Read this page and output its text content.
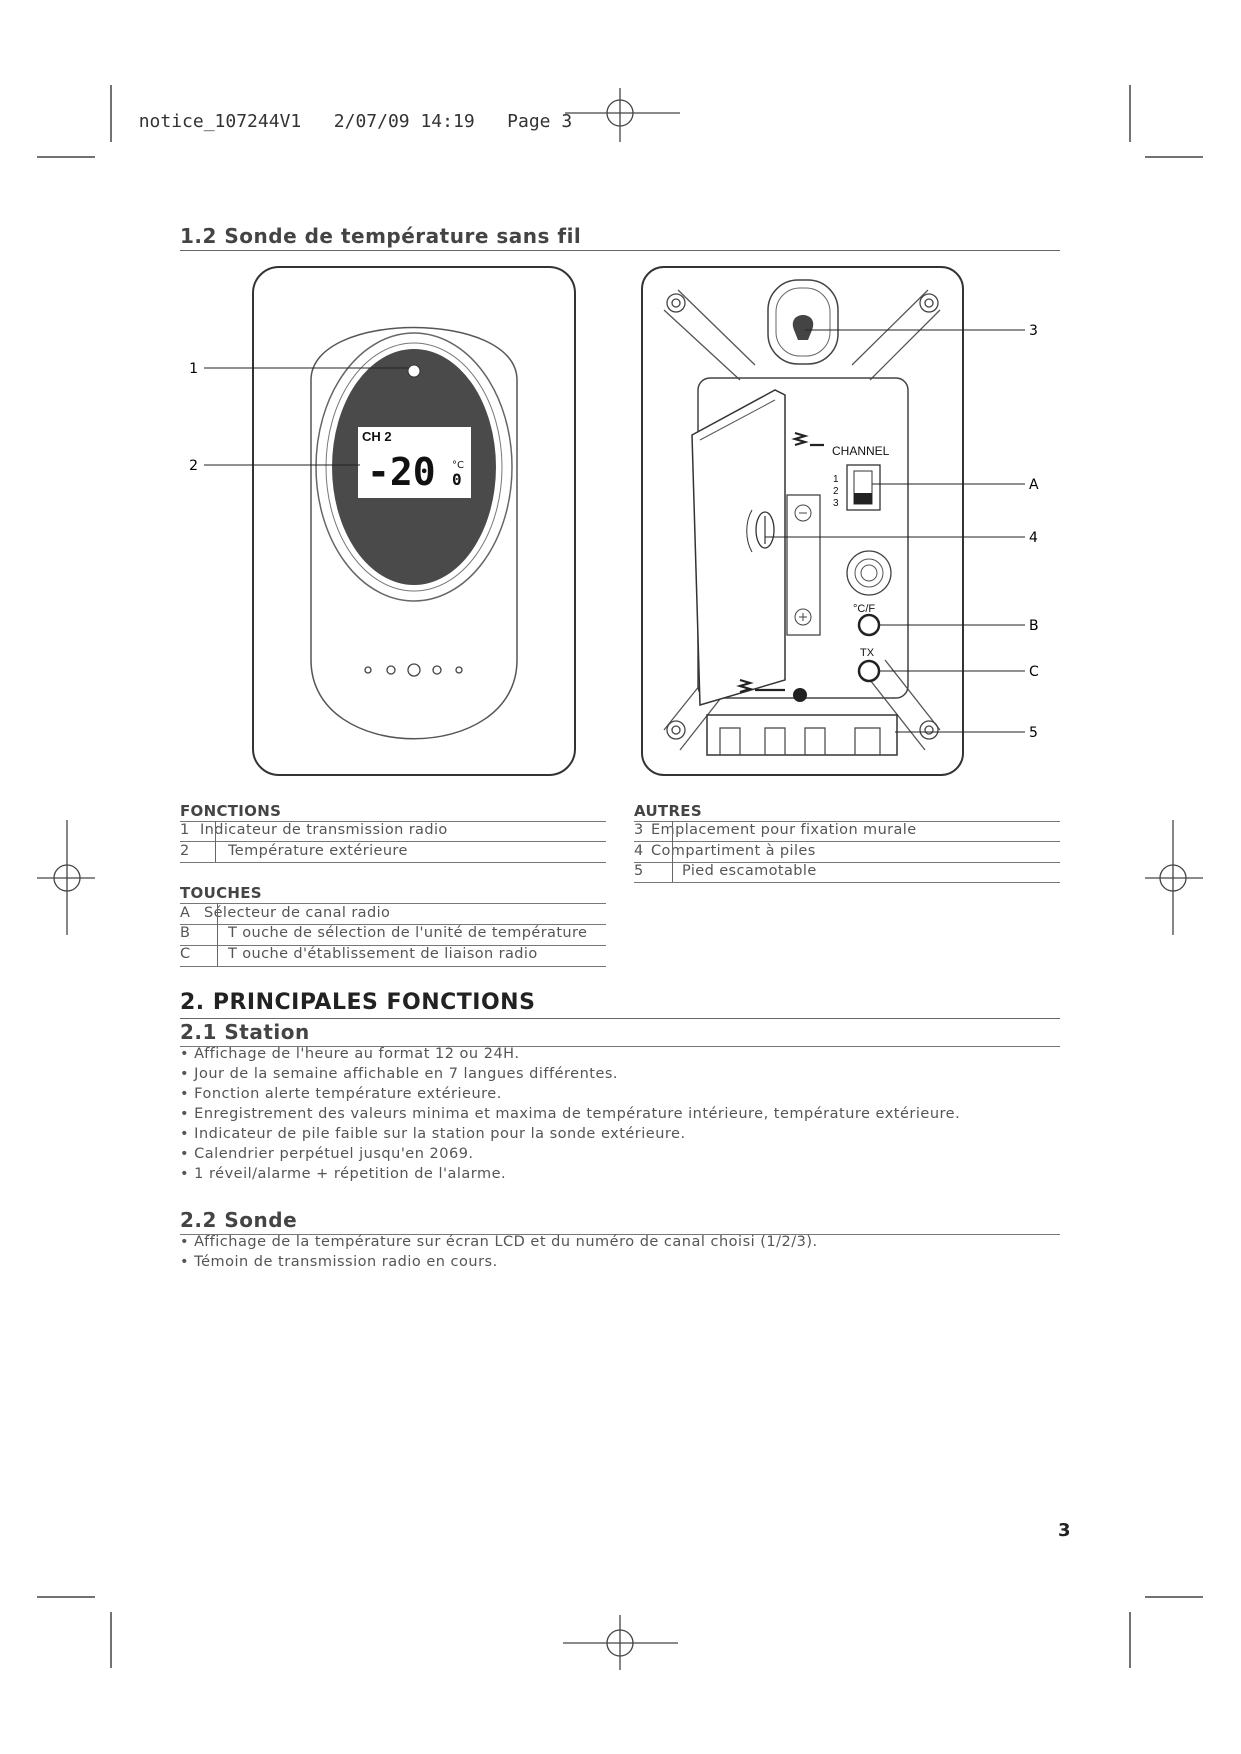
notice_107244V1 2/07/09 14:19 Page 3

1.2 Sonde de température sans fil
CH 2
-20 °C
0
1
2
CHANNEL
1
2
3
°C/F
TX
3
A
4
B
C
5
FONCTIONS
1 Indicateur de transmission radio
2	Température extérieure
AUTRES
3 Emplacement pour fixation murale
4 Compartiment à piles
5	Pied escamotable
TOUCHES
A Sélecteur de canal radio
B	T ouche de sélection de l'unité de température
C	T ouche d'établissement de liaison radio
2. PRINCIPALES FONCTIONS
2.1 Station
• Affichage de l'heure au format 12 ou 24H.
• Jour de la semaine affichable en 7 langues différentes.
• Fonction alerte température extérieure.
• Enregistrement des valeurs minima et maxima de température intérieure, température extérieure.
• Indicateur de pile faible sur la station pour la sonde extérieure.
• Calendrier perpétuel jusqu'en 2069.
• 1 réveil/alarme + répetition de l'alarme.
2.2 Sonde
• Affichage de la température sur écran LCD et du numéro de canal choisi (1/2/3).
• Témoin de transmission radio en cours.
3
